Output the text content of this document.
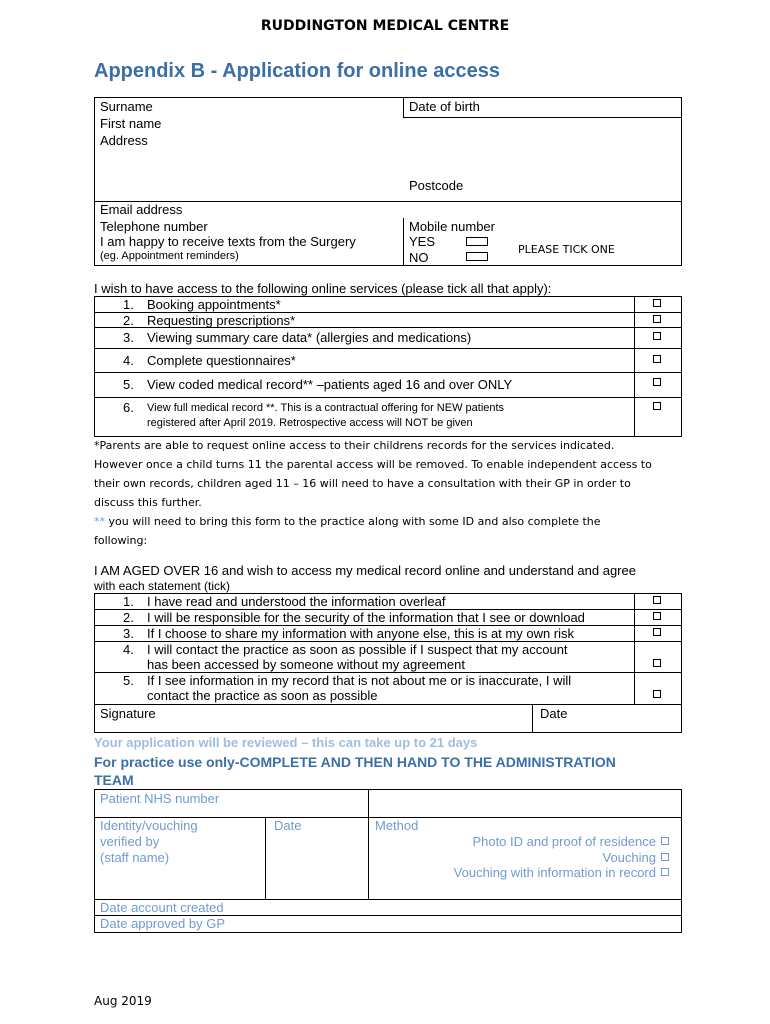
RUDDINGTON MEDICAL CENTRE
Appendix B - Application for online access
Surname	Date of birth
First name
Address
Postcode
Email address
Telephone number	Mobile number
I am happy to receive texts from the Surgery
(eg. Appointment reminders)
YES
NO
PLEASE TICK ONE
I wish to have access to the following online services (please tick all that apply):
1. Booking appointments*
2. Requesting prescriptions*
3. Viewing summary care data* (allergies and medications)
4. Complete questionnaires*
5. View coded medical record** –patients aged 16 and over ONLY
6. View full medical record **. This is a contractual offering for NEW patients
registered after April 2019. Retrospective access will NOT be given
*Parents are able to request online access to their childrens records for the services indicated.
However once a child turns 11 the parental access will be removed. To enable independent access to
their own records, children aged 11 – 16 will need to have a consultation with their GP in order to
discuss this further.
** you will need to bring this form to the practice along with some ID and also complete the
following:
I AM AGED OVER 16 and wish to access my medical record online and understand and agree
with each statement (tick)
1. I have read and understood the information overleaf
2. I will be responsible for the security of the information that I see or download
3. If I choose to share my information with anyone else, this is at my own risk
4. I will contact the practice as soon as possible if I suspect that my account
has been accessed by someone without my agreement
5. If I see information in my record that is not about me or is inaccurate, I will
contact the practice as soon as possible
Signature	Date
Your application will be reviewed – this can take up to 21 days
For practice use only-COMPLETE AND THEN HAND TO THE ADMINISTRATION
TEAM
Patient NHS number
Identity/vouching
verified by
(staff name)
Date	Method
Photo ID and proof of residence
Vouching
Vouching with information in record
Date account created
Date approved by GP
Aug 2019
